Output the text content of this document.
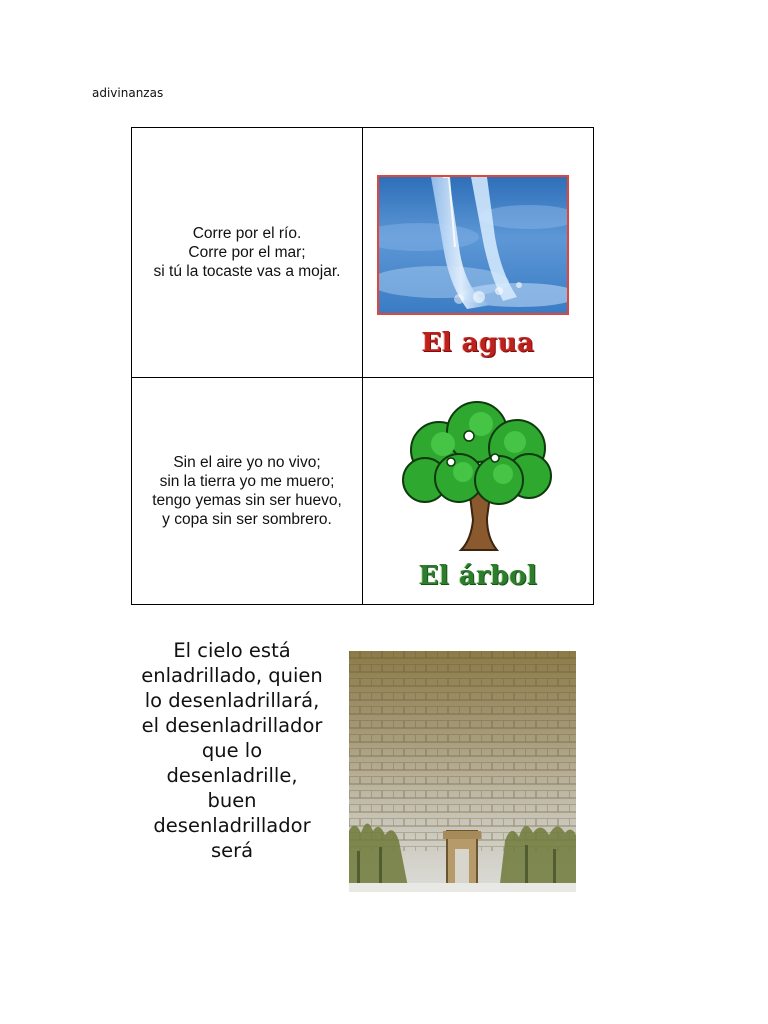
adivinanzas
Corre por el río.
Corre por el mar;
si tú la tocaste vas a mojar.	El agua

Sin el aire yo no vivo;
sin la tierra yo me muero;
tengo yemas sin ser huevo,
y copa sin ser sombrero.	El árbol
El cielo está
enladrillado, quien
lo desenladrillará,
el desenladrillador
que lo
desenladrille,
buen
desenladrillador
será
